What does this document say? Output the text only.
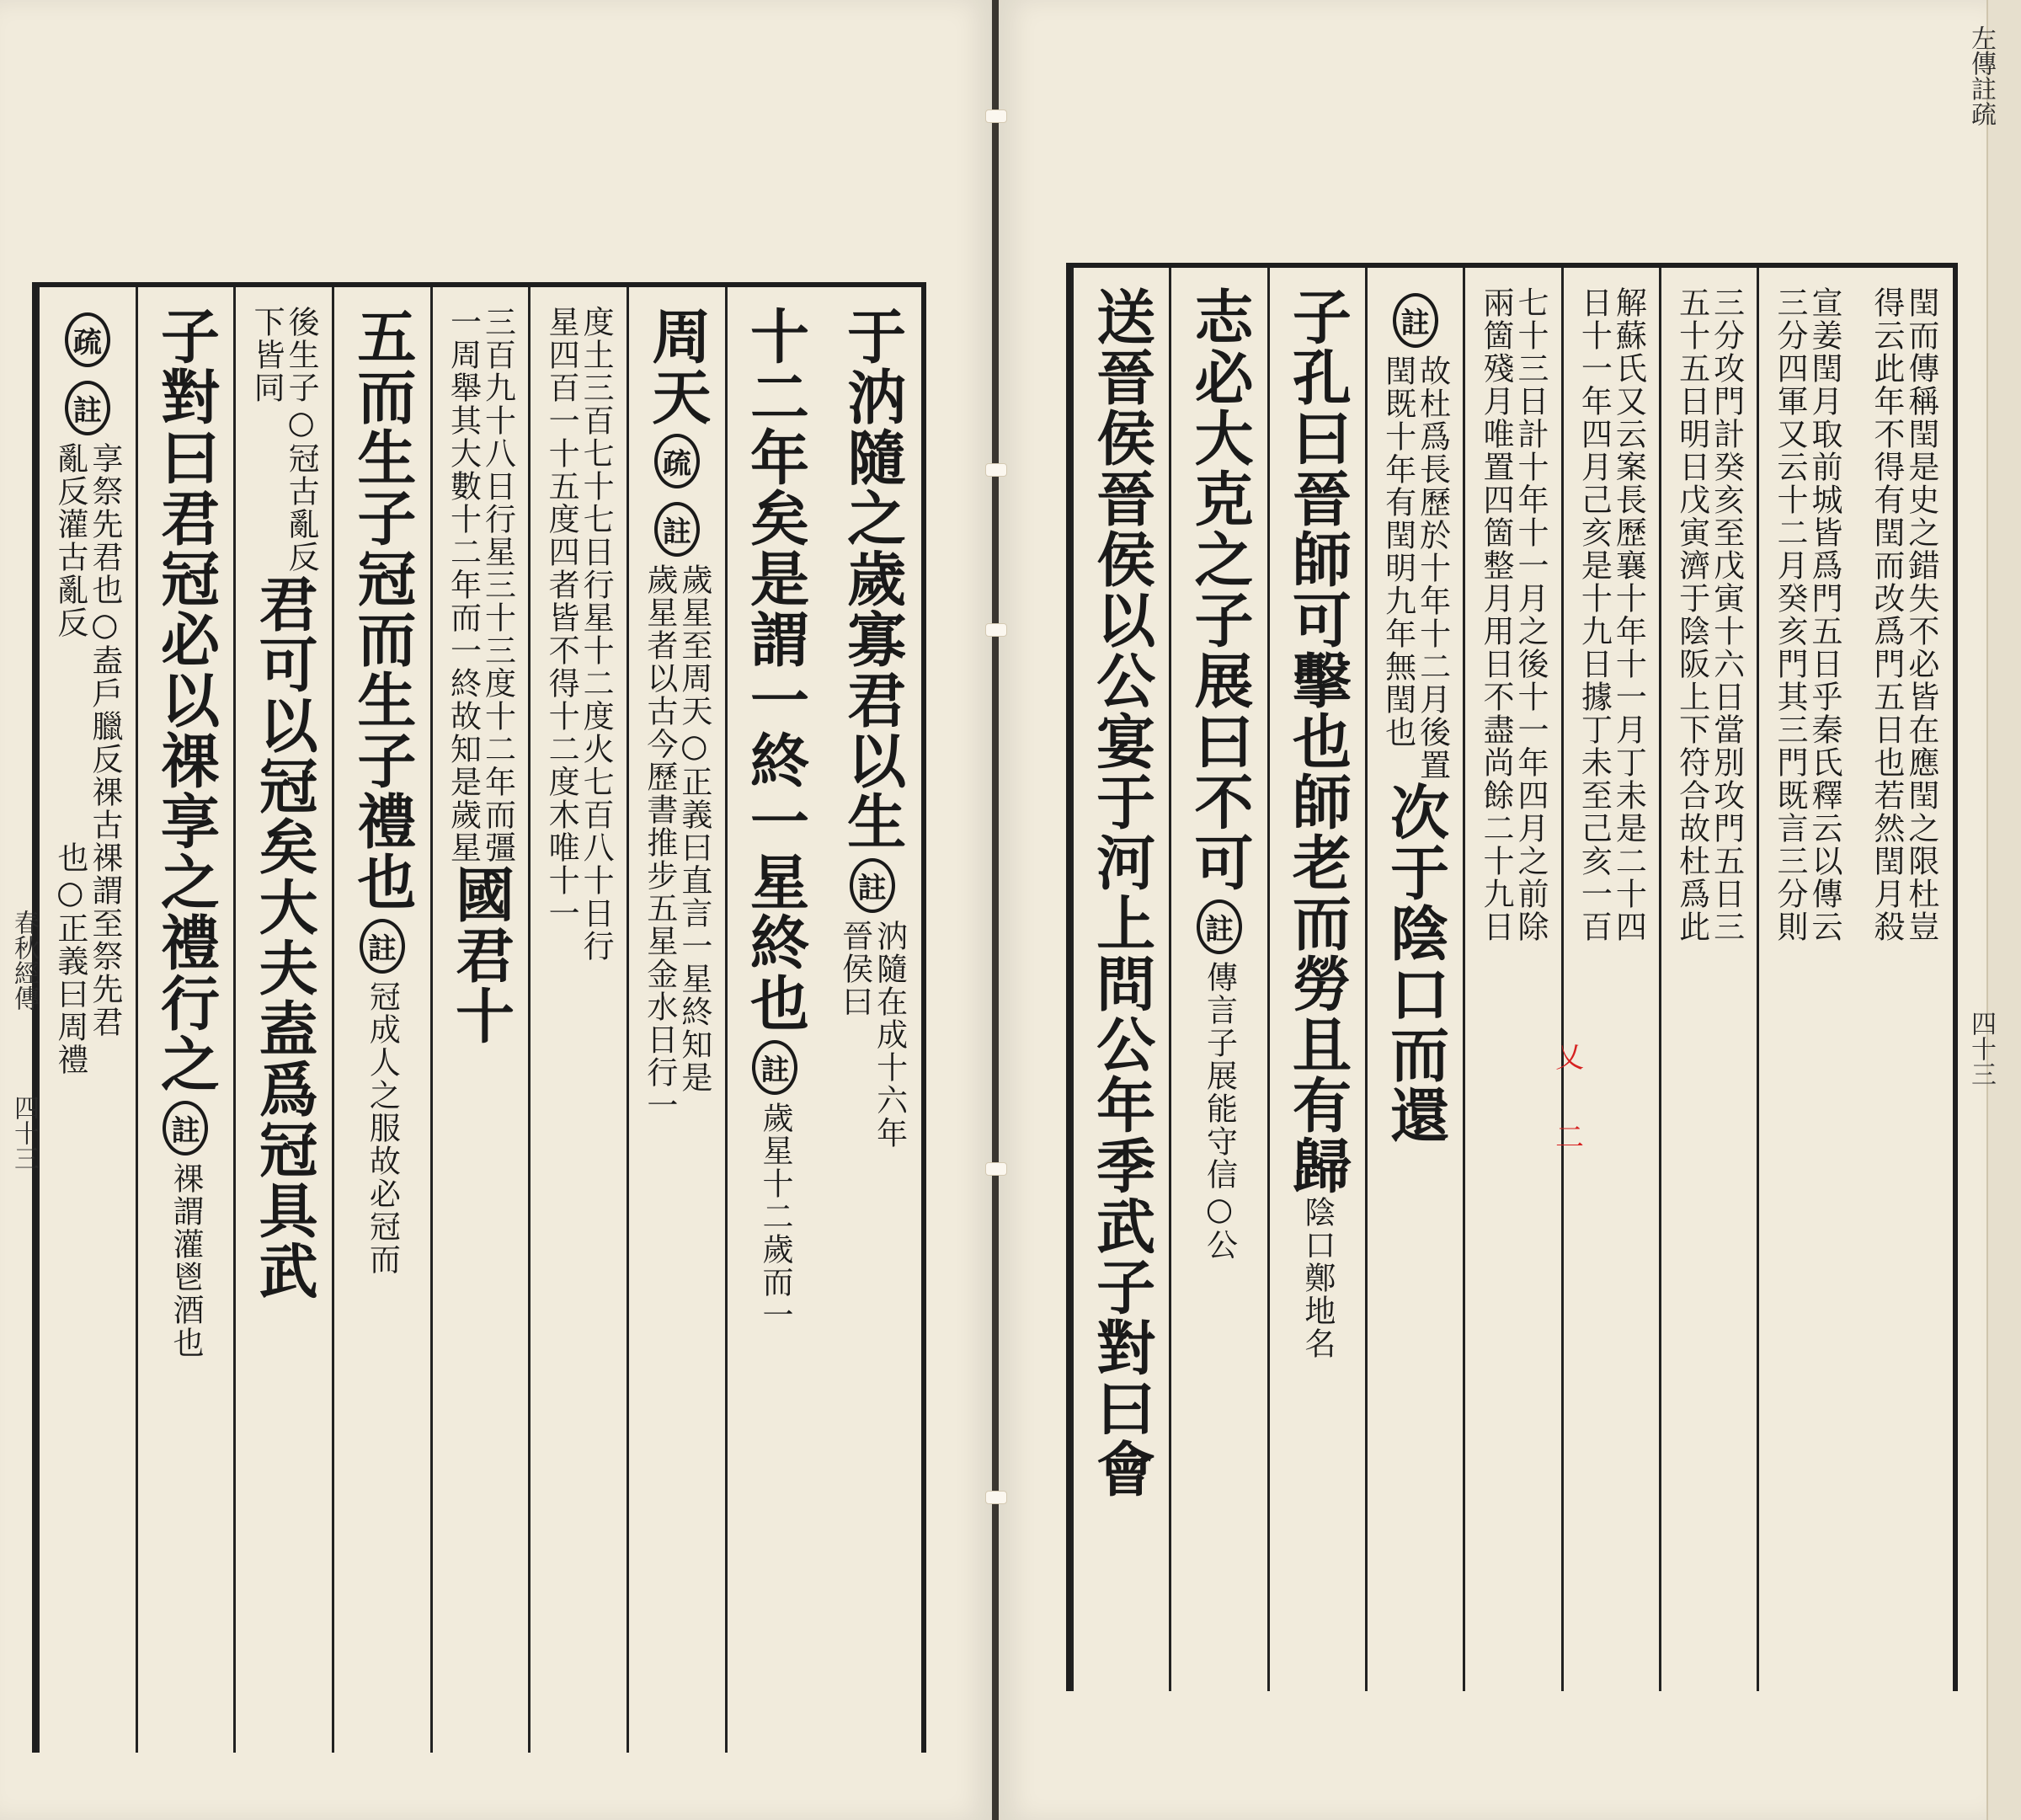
于汭隨之歲寡君以生
註
汭隨在成十六年
晉侯曰
十二年矣是謂一終一星終也
註
歲星十二歲而一
周天
疏
註
歲星至周天○正義曰直言一星終知是
歲星者以古今歷書推步五星金水日行一
度土三百七十七日行星十二度火七百八十日行
星四百一十五度四者皆不得十二度木唯十一
三百九十八日行星三十三度十二年而彊
一周舉其大數十二年而一終故知是歲星
國君十
五而生子冠而生子禮也
註
冠成人之服故必冠而
後生子○冠古亂反
下皆同
君可以冠矣大夫盍爲冠具武
子對曰君冠必以祼享之禮行之
註
祼謂灌鬯酒也
疏
註
享祭先君也○盍戶臘反祼古
亂反灌古亂反
祼謂至祭先君
也○正義曰周禮
閏而傳稱閏是史之錯失不必皆在應閏之限杜豈
得云此年不得有閏而改爲門五日也若然閏月殺
宣姜閏月取前城皆爲門五日乎秦氏釋云以傳云
三分四軍又云十二月癸亥門其三門既言三分則
三分攻門計癸亥至戊寅十六日當別攻門五日三
五十五日明日戊寅濟于陰阪上下符合故杜爲此
解蘇氏又云案長歷襄十年十一月丁未是二十四
日十一年四月己亥是十九日據丁未至己亥一百
七十三日計十年十一月之後十一年四月之前除
兩箇殘月唯置四箇整月用日不盡尚餘二十九日
註
故杜爲長歷於十年十二月後置
閏既十年有閏明九年無閏也
次于陰口而還
子孔曰晉師可擊也師老而勞且有歸
陰口鄭地名
志必大克之子展曰不可
註
傳言子展能守信○公
送晉侯晉侯以公宴于河上問公年季武子對曰會	乂
二
春秋經傳
四十三
左傳註疏
四十三
